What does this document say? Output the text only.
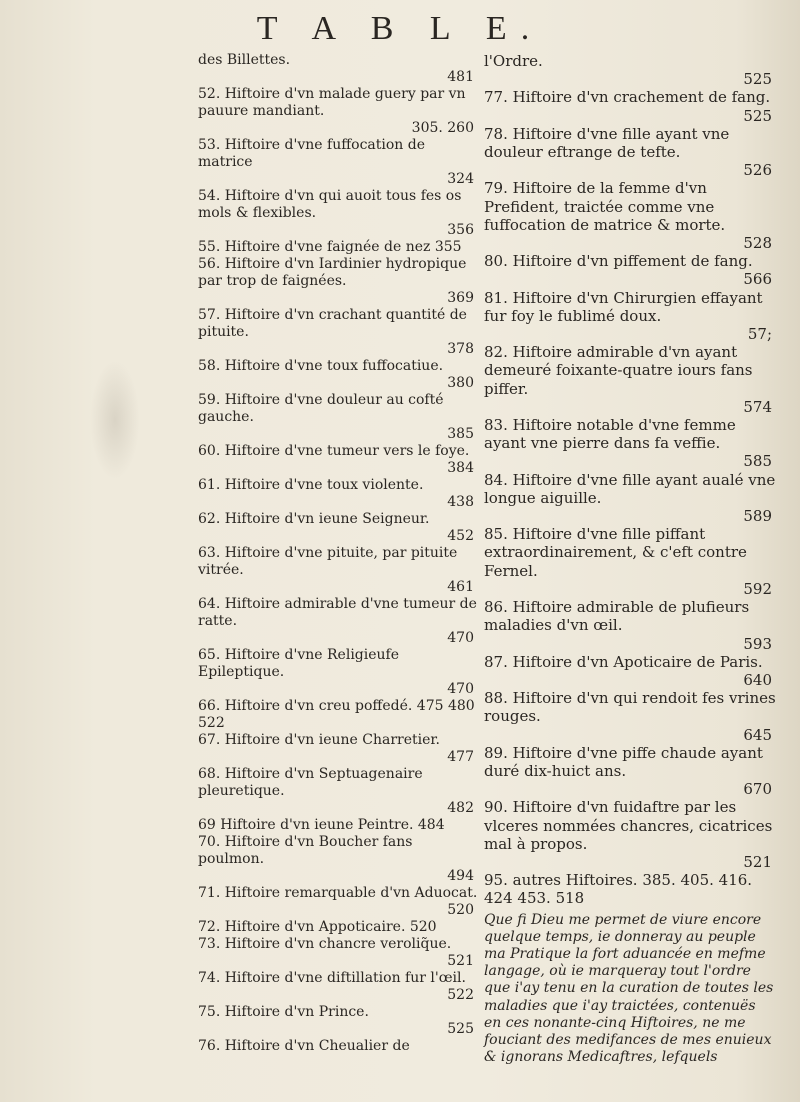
T A B L E.
des Billettes.
481
52. Hiftoire d'vn malade guery par vn pauure mandiant.
305. 260
53. Hiftoire d'vne fuffocation de matrice
324
54. Hiftoire d'vn qui auoit tous fes os mols & flexibles.
356
55. Hiftoire d'vne faignée de nez 355
56. Hiftoire d'vn Iardinier hydropique par trop de faignées.
369
57. Hiftoire d'vn crachant quantité de pituite.
378
58. Hiftoire d'vne toux fuffocatiue.
380
59. Hiftoire d'vne douleur au cofté gauche.
385
60. Hiftoire d'vne tumeur vers le foye.
384
61. Hiftoire d'vne toux violente.
438
62. Hiftoire d'vn ieune Seigneur.
452
63. Hiftoire d'vne pituite, par pituite vitrée.
461
64. Hiftoire admirable d'vne tumeur de ratte.
470
65. Hiftoire d'vne Religieufe Epileptique.
470
66. Hiftoire d'vn creu poffedé. 475 480 522
67. Hiftoire d'vn ieune Charretier.
477
68. Hiftoire d'vn Septuagenaire pleuretique.
482
69 Hiftoire d'vn ieune Peintre. 484
70. Hiftoire d'vn Boucher fans poulmon.
494
71. Hiftoire remarquable d'vn Aduocat.
520
72. Hiftoire d'vn Appoticaire. 520
73. Hiftoire d'vn chancre veroliq̃ue.
521
74. Hiftoire d'vne diftillation fur l'œil.
522
75. Hiftoire d'vn Prince.
525
76. Hiftoire d'vn Cheualier de
l'Ordre.
525
77. Hiftoire d'vn crachement de fang.
525
78. Hiftoire d'vne fille ayant vne douleur eftrange de tefte.
526
79. Hiftoire de la femme d'vn Prefident, traictée comme vne fuffocation de matrice & morte.
528
80. Hiftoire d'vn piffement de fang.
566
81. Hiftoire d'vn Chirurgien effayant fur foy le fublimé doux.
57;
82. Hiftoire admirable d'vn ayant demeuré foixante-quatre iours fans piffer.
574
83. Hiftoire notable d'vne femme ayant vne pierre dans fa veffie.
585
84. Hiftoire d'vne fille ayant aualé vne longue aiguille.
589
85. Hiftoire d'vne fille piffant extraordinairement, & c'eft contre Fernel.
592
86. Hiftoire admirable de plufieurs maladies d'vn œil.
593
87. Hiftoire d'vn Apoticaire de Paris.
640
88. Hiftoire d'vn qui rendoit fes vrines rouges.
645
89. Hiftoire d'vne piffe chaude ayant duré dix-huict ans.
670
90. Hiftoire d'vn fuidaftre par les vlceres nommées chancres, cicatrices mal à propos.
521
95. autres Hiftoires. 385. 405. 416. 424 453. 518
Que fi Dieu me permet de viure encore quelque temps, ie donneray au peuple ma Pratique la fort aduancée en mefme langage, où ie marqueray tout l'ordre que i'ay tenu en la curation de toutes les maladies que i'ay traictées, contenuës en ces nonante-cinq Hiftoires, ne me fouciant des medifances de mes enuieux & ignorans Medicaftres, lefquels
